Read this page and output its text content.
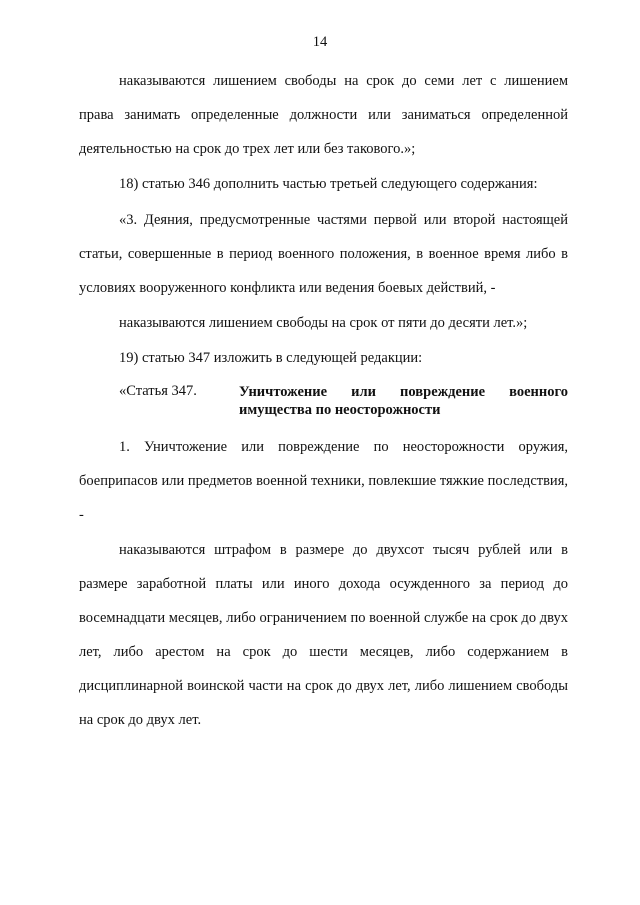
14

наказываются лишением свободы на срок до семи лет с лишением права занимать определенные должности или заниматься определенной деятельностью на срок до трех лет или без такового.»;

18) статью 346 дополнить частью третьей следующего содержания:

«3. Деяния, предусмотренные частями первой или второй настоящей статьи, совершенные в период военного положения, в военное время либо в условиях вооруженного конфликта или ведения боевых действий, -

наказываются лишением свободы на срок от пяти до десяти лет.»;

19) статью 347 изложить в следующей редакции:

«Статья 347.	Уничтожение или повреждение военного
имущества по неосторожности

1. Уничтожение или повреждение по неосторожности оружия, боеприпасов или предметов военной техники, повлекшие тяжкие последствия, -

наказываются штрафом в размере до двухсот тысяч рублей или в размере заработной платы или иного дохода осужденного за период до восемнадцати месяцев, либо ограничением по военной службе на срок до двух лет, либо арестом на срок до шести месяцев, либо содержанием в дисциплинарной воинской части на срок до двух лет, либо лишением свободы на срок до двух лет.
